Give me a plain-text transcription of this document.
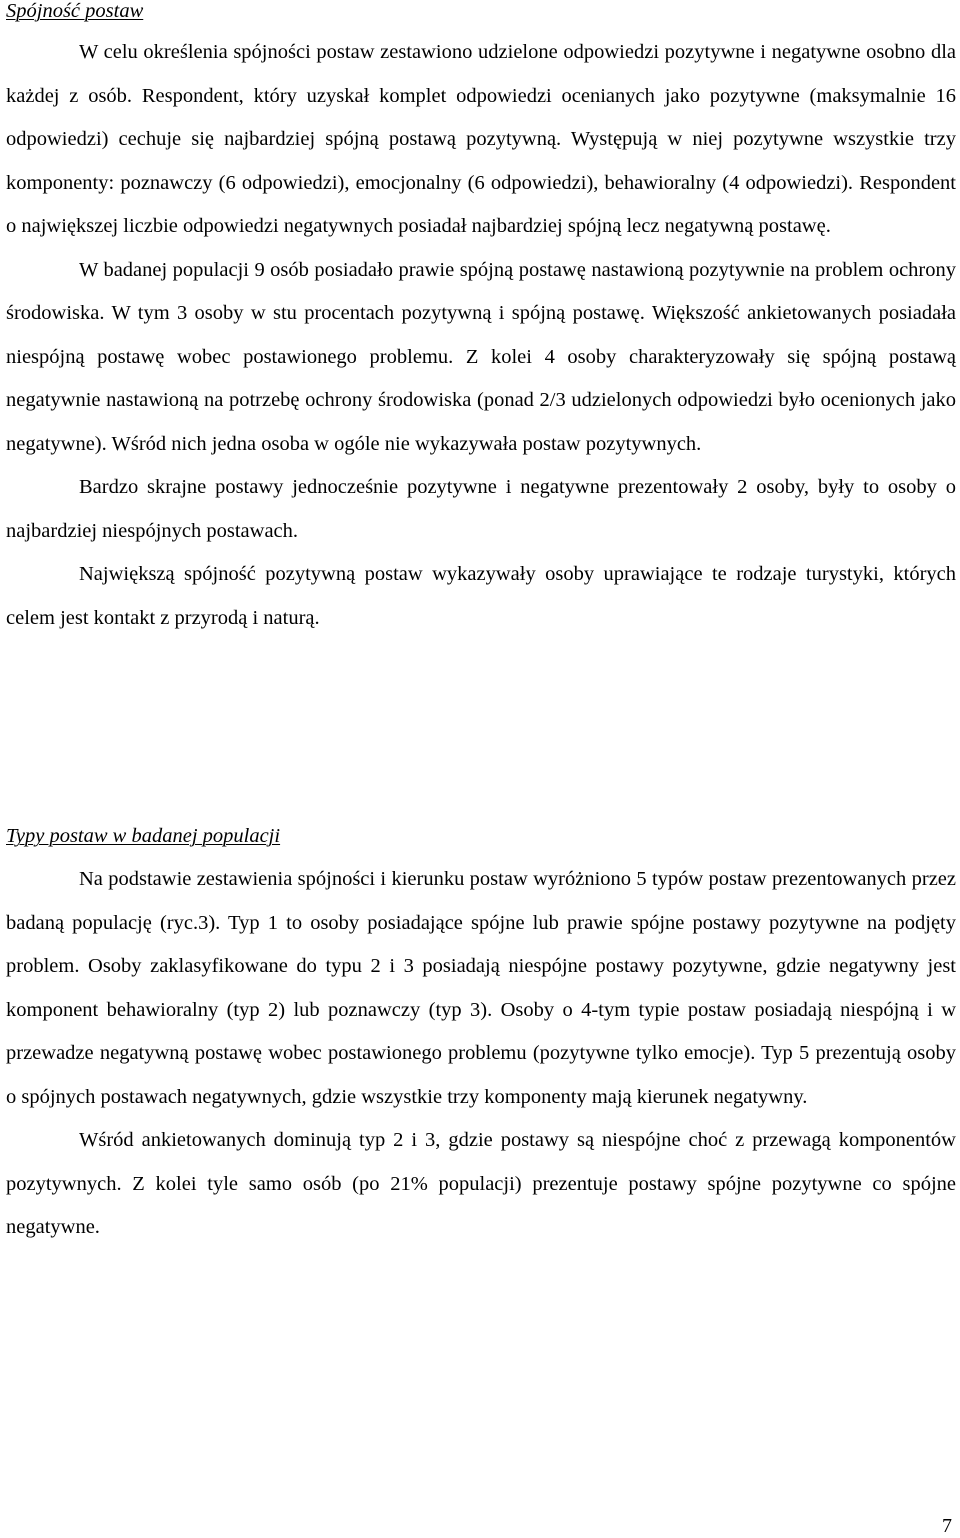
Spójność postaw

W celu określenia spójności postaw zestawiono udzielone odpowiedzi pozytywne i negatywne osobno dla każdej z osób. Respondent, który uzyskał komplet odpowiedzi ocenianych jako pozytywne (maksymalnie 16 odpowiedzi) cechuje się najbardziej spójną postawą pozytywną. Występują w niej pozytywne wszystkie trzy komponenty: poznawczy (6 odpowiedzi), emocjonalny (6 odpowiedzi), behawioralny (4 odpowiedzi). Respondent o największej liczbie odpowiedzi negatywnych posiadał najbardziej spójną lecz negatywną postawę.

W badanej populacji 9 osób posiadało prawie spójną postawę nastawioną pozytywnie na problem ochrony środowiska. W tym 3 osoby w stu procentach pozytywną i spójną postawę. Większość ankietowanych posiadała niespójną postawę wobec postawionego problemu. Z kolei 4 osoby charakteryzowały się spójną postawą negatywnie nastawioną na potrzebę ochrony środowiska (ponad 2/3 udzielonych odpowiedzi było ocenionych jako negatywne). Wśród nich jedna osoba w ogóle nie wykazywała postaw pozytywnych.

Bardzo skrajne postawy jednocześnie pozytywne i negatywne prezentowały 2 osoby, były to osoby o najbardziej niespójnych postawach.

Największą spójność pozytywną postaw wykazywały osoby uprawiające te rodzaje turystyki, których celem jest kontakt z przyrodą i naturą.

Typy postaw w badanej populacji

Na podstawie zestawienia spójności i kierunku postaw wyróżniono 5 typów postaw prezentowanych przez badaną populację (ryc.3). Typ 1 to osoby posiadające spójne lub prawie spójne postawy pozytywne na podjęty problem. Osoby zaklasyfikowane do typu 2 i 3 posiadają niespójne postawy pozytywne, gdzie negatywny jest komponent behawioralny (typ 2) lub poznawczy (typ 3). Osoby o 4-tym typie postaw posiadają niespójną i w przewadze negatywną postawę wobec postawionego problemu (pozytywne tylko emocje). Typ 5 prezentują osoby o spójnych postawach negatywnych, gdzie wszystkie trzy komponenty mają kierunek negatywny.

Wśród ankietowanych dominują typ 2 i 3, gdzie postawy są niespójne choć z przewagą komponentów pozytywnych. Z kolei tyle samo osób (po 21% populacji) prezentuje postawy spójne pozytywne co spójne negatywne.

7
